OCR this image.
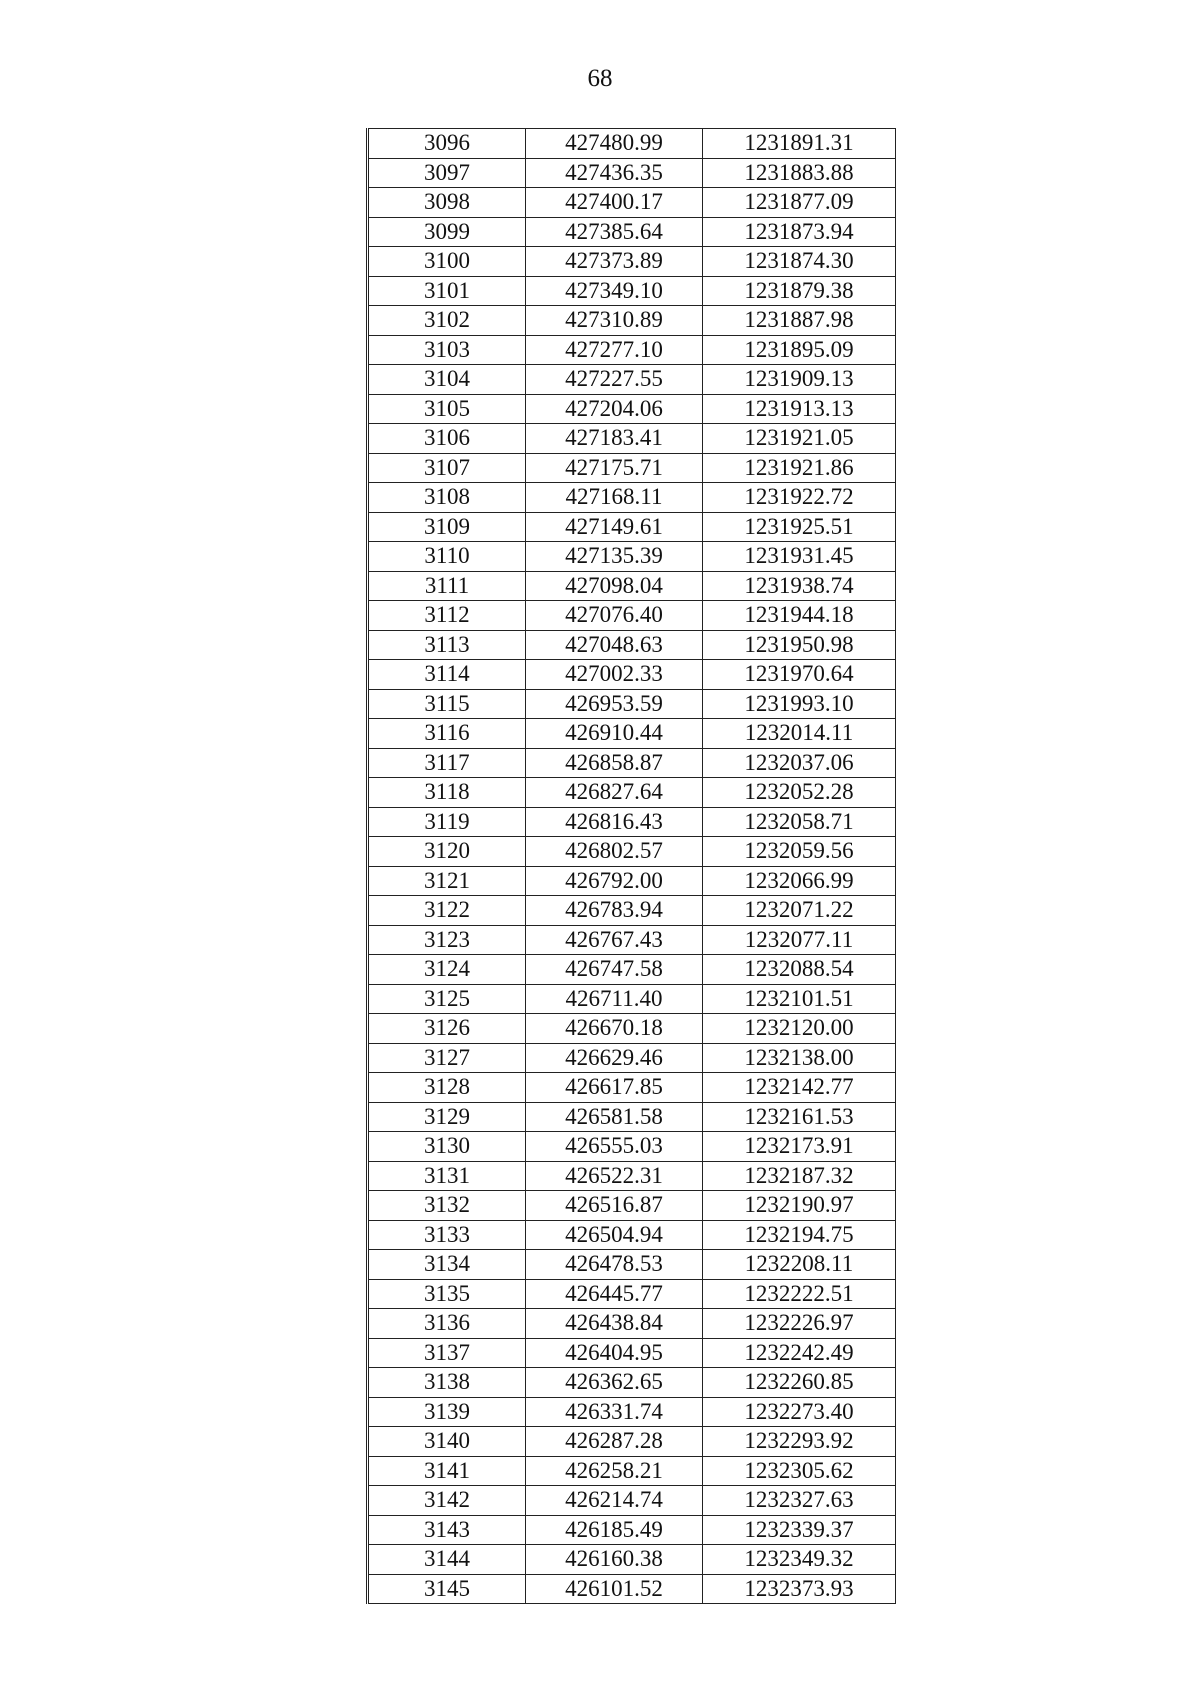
68
3096	427480.99	1231891.31
3097	427436.35	1231883.88
3098	427400.17	1231877.09
3099	427385.64	1231873.94
3100	427373.89	1231874.30
3101	427349.10	1231879.38
3102	427310.89	1231887.98
3103	427277.10	1231895.09
3104	427227.55	1231909.13
3105	427204.06	1231913.13
3106	427183.41	1231921.05
3107	427175.71	1231921.86
3108	427168.11	1231922.72
3109	427149.61	1231925.51
3110	427135.39	1231931.45
3111	427098.04	1231938.74
3112	427076.40	1231944.18
3113	427048.63	1231950.98
3114	427002.33	1231970.64
3115	426953.59	1231993.10
3116	426910.44	1232014.11
3117	426858.87	1232037.06
3118	426827.64	1232052.28
3119	426816.43	1232058.71
3120	426802.57	1232059.56
3121	426792.00	1232066.99
3122	426783.94	1232071.22
3123	426767.43	1232077.11
3124	426747.58	1232088.54
3125	426711.40	1232101.51
3126	426670.18	1232120.00
3127	426629.46	1232138.00
3128	426617.85	1232142.77
3129	426581.58	1232161.53
3130	426555.03	1232173.91
3131	426522.31	1232187.32
3132	426516.87	1232190.97
3133	426504.94	1232194.75
3134	426478.53	1232208.11
3135	426445.77	1232222.51
3136	426438.84	1232226.97
3137	426404.95	1232242.49
3138	426362.65	1232260.85
3139	426331.74	1232273.40
3140	426287.28	1232293.92
3141	426258.21	1232305.62
3142	426214.74	1232327.63
3143	426185.49	1232339.37
3144	426160.38	1232349.32
3145	426101.52	1232373.93
